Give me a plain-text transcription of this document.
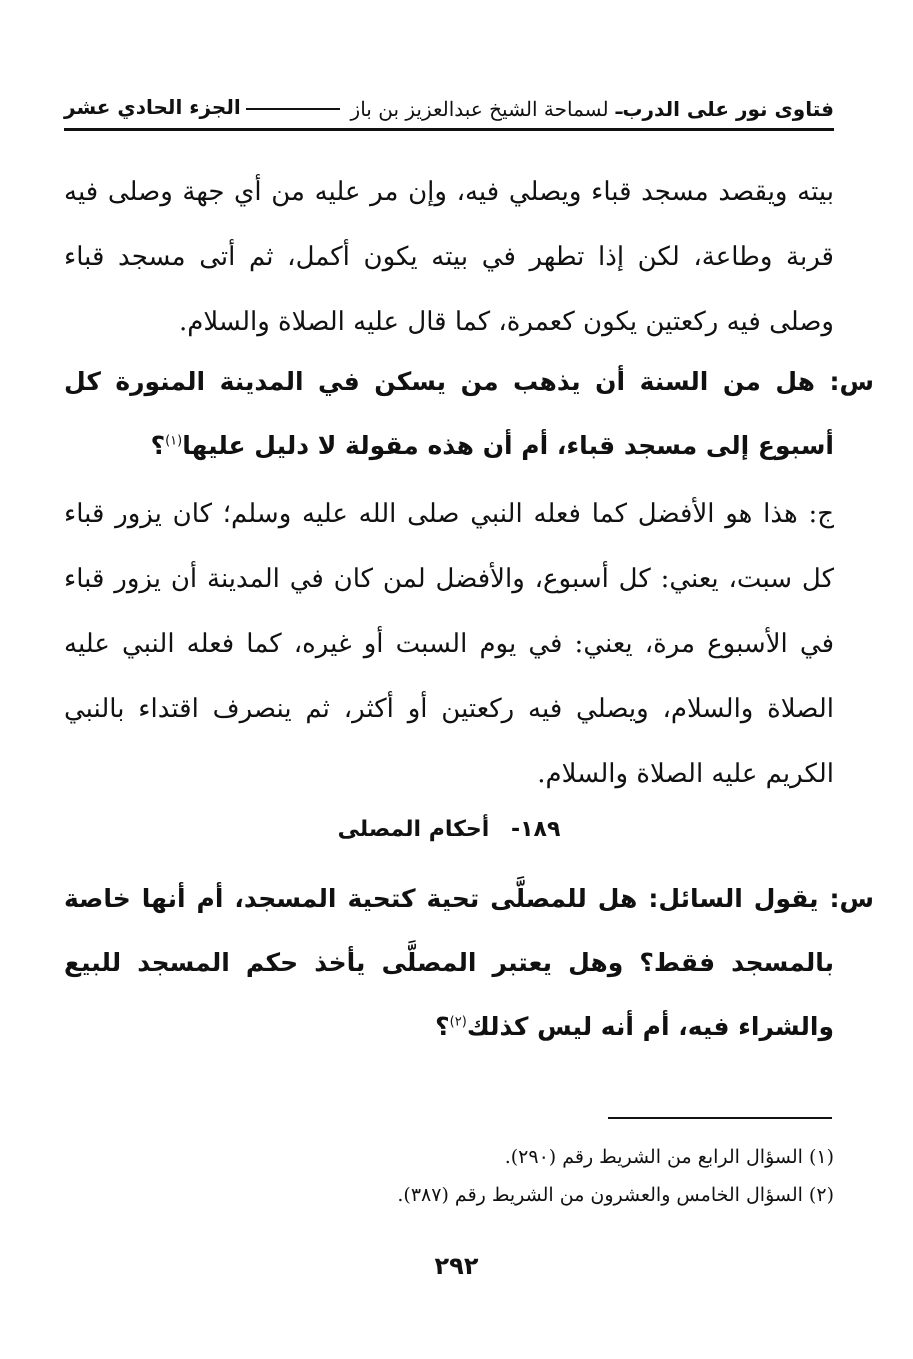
فتاوى نور على الدربـ لسماحة الشيخ عبدالعزيز بن باز
الجزء الحادي عشر
بيته ويقصد مسجد قباء ويصلي فيه، وإن مر عليه من أي جهة وصلى فيه قربة وطاعة، لكن إذا تطهر في بيته يكون أكمل، ثم أتى مسجد قباء وصلى فيه ركعتين يكون كعمرة، كما قال عليه الصلاة والسلام.
س: هل من السنة أن يذهب من يسكن في المدينة المنورة كل أسبوع إلى مسجد قباء، أم أن هذه مقولة لا دليل عليها$^{(١)}$؟
ج: هذا هو الأفضل كما فعله النبي صلى الله عليه وسلم؛ كان يزور قباء كل سبت، يعني: كل أسبوع، والأفضل لمن كان في المدينة أن يزور قباء في الأسبوع مرة، يعني: في يوم السبت أو غيره، كما فعله النبي عليه الصلاة والسلام، ويصلي فيه ركعتين أو أكثر، ثم ينصرف اقتداء بالنبي الكريم عليه الصلاة والسلام.
١٨٩- أحكام المصلى
س: يقول السائل: هل للمصلَّى تحية كتحية المسجد، أم أنها خاصة بالمسجد فقط؟ وهل يعتبر المصلَّى يأخذ حكم المسجد للبيع والشراء فيه، أم أنه ليس كذلك$^{(٢)}$؟
(١) السؤال الرابع من الشريط رقم (٢٩٠).
(٢) السؤال الخامس والعشرون من الشريط رقم (٣٨٧).
٢٩٢
